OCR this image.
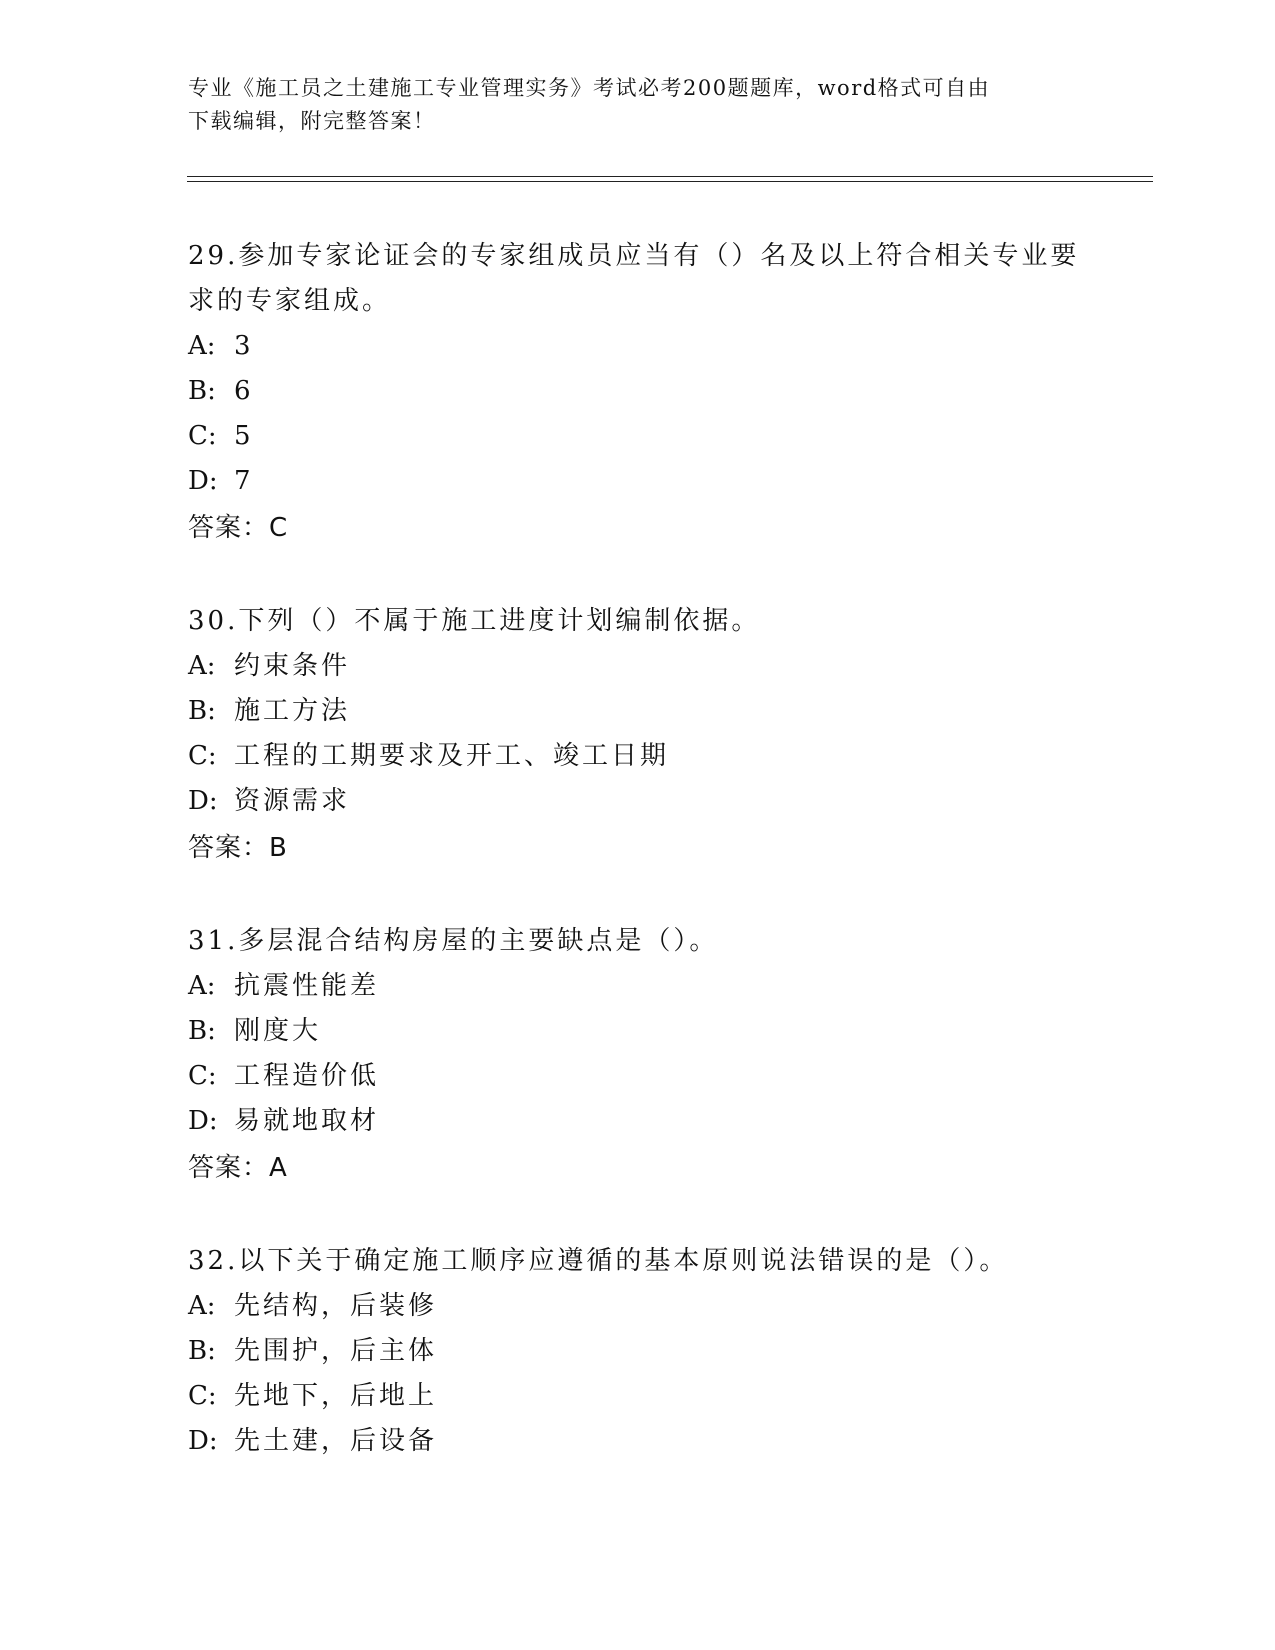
专业《施工员之土建施工专业管理实务》考试必考200题题库，word格式可自由
下载编辑，附完整答案！
29.参加专家论证会的专家组成员应当有（）名及以上符合相关专业要
求的专家组成。
A: 3
B: 6
C: 5
D: 7
答案：C
30.下列（）不属于施工进度计划编制依据。
A: 约束条件
B: 施工方法
C: 工程的工期要求及开工、竣工日期
D: 资源需求
答案：B
31.多层混合结构房屋的主要缺点是（）。
A: 抗震性能差
B: 刚度大
C: 工程造价低
D: 易就地取材
答案：A
32.以下关于确定施工顺序应遵循的基本原则说法错误的是（）。
A: 先结构，后装修
B: 先围护，后主体
C: 先地下，后地上
D: 先土建，后设备
